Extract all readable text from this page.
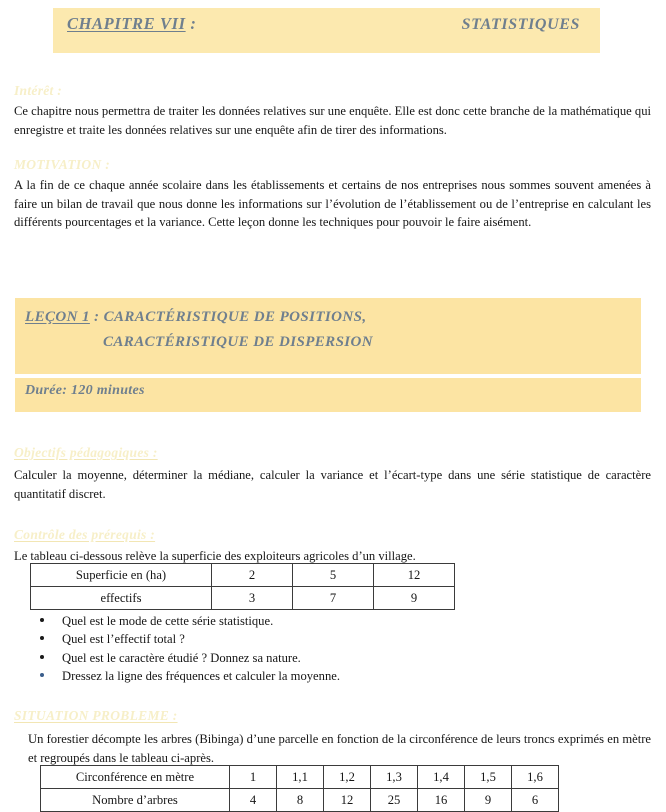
CHAPITRE VII :	STATISTIQUES
Intérêt :
Ce chapitre nous permettra de traiter les données relatives sur une enquête. Elle est donc cette branche de la mathématique qui enregistre et traite les données relatives sur une enquête afin de tirer des informations.
MOTIVATION :
A la fin de ce chaque année scolaire dans les établissements et certains de nos entreprises nous sommes souvent amenées à faire un bilan de travail que nous donne les informations sur l’évolution de l’établissement ou de l’entreprise en calculant les différents pourcentages et la variance. Cette leçon donne les techniques pour pouvoir le faire aisément.
LEÇON 1 : CARACTÉRISTIQUE DE POSITIONS,
CARACTÉRISTIQUE DE DISPERSION
Durée: 120 minutes
Objectifs pédagogiques :
Calculer la moyenne, déterminer la médiane, calculer la variance et l’écart-type dans une série statistique de caractère quantitatif discret.
Contrôle des prérequis :
Le tableau ci-dessous relève la superficie des exploiteurs agricoles d’un village.
Superficie en (ha)	2	5	12
effectifs	3	7	9
Quel est le mode de cette série statistique.
Quel est l’effectif total ?
Quel est le caractère étudié ? Donnez sa nature.
Dressez la ligne des fréquences et calculer la moyenne.
SITUATION PROBLEME :
Un forestier décompte les arbres (Bibinga) d’une parcelle en fonction de la circonférence de leurs troncs exprimés en mètre et regroupés dans le tableau ci-après.
Circonférence en mètre	1	1,1	1,2	1,3	1,4	1,5	1,6
Nombre d’arbres	4	8	12	25	16	9	6
